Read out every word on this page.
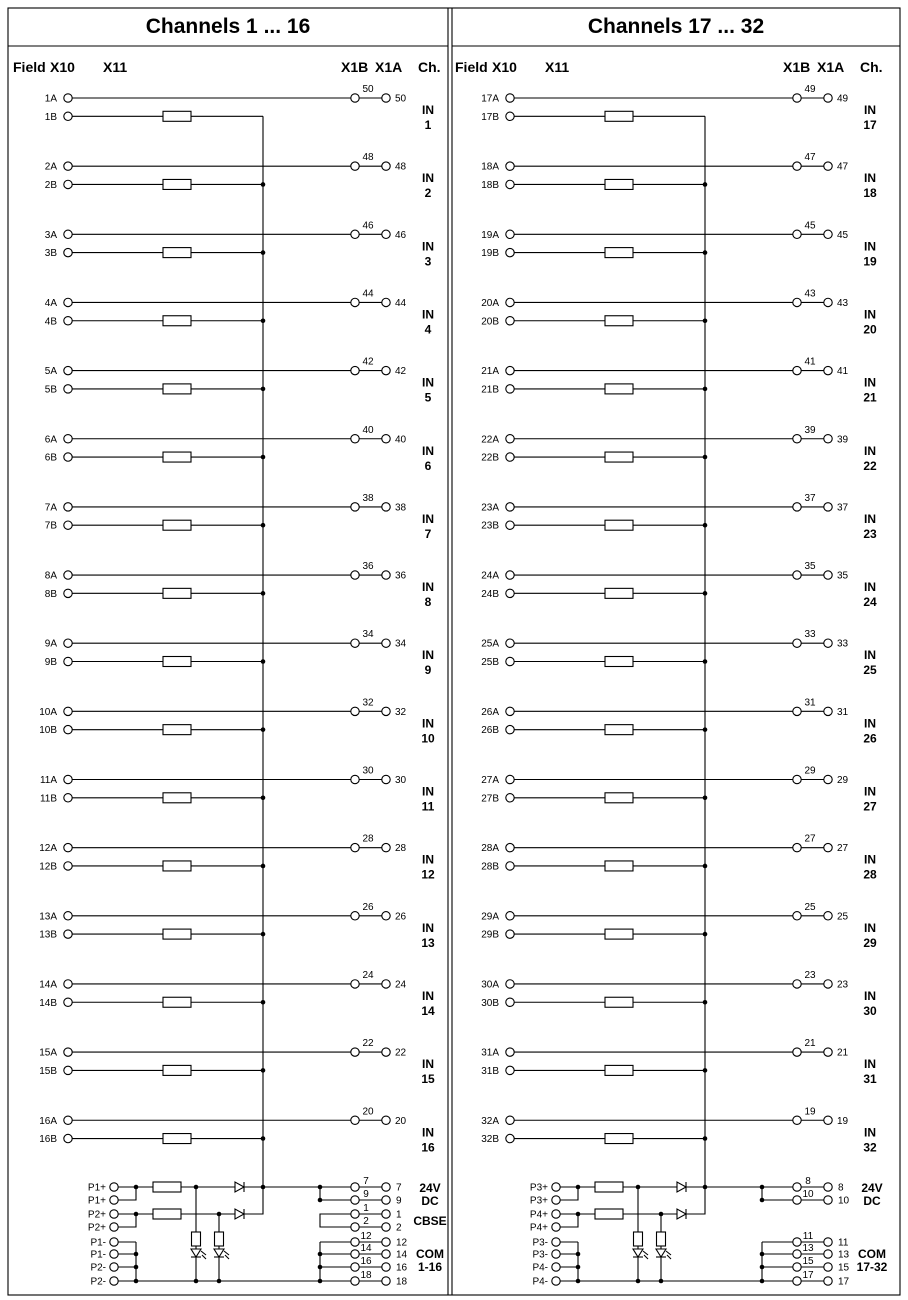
Channels 1 ... 16
Field X10 X11	X1B X1A Ch.
1A
50
50
1B
IN
1
2A
48
48
2B
IN
2
3A
46
46
3B
IN
3
4A
44
44
4B
IN
4
5A
42
42
5B
IN
5
6A
40
40
6B
IN
6
7A
38
38
7B
IN
7
8A
36
36
8B
IN
8
9A
34
34
9B
IN
9
10A
32
32
10B
IN
10
11A
30
30
11B
IN
11
12A
28
28
12B
IN
12
13A
26
26
13B
IN
13
14A
24
24
14B
IN
14
15A
22
22
15B
IN
15
16A
20
20
16B
IN
16
P1+
P1+
P2+
P2+
P1-
P1-
P2-
P2-
7
7
9
9
1
1
2
2
12
12
14
14
16
16
18
18
24V
DC
CBSE
COM
1-16
Channels 17 ... 32
Field X10 X11	X1B X1A Ch.
17A
49
49
17B
IN
17
18A
47
47
18B
IN
18
19A
45
45
19B
IN
19
20A
43
43
20B
IN
20
21A
41
41
21B
IN
21
22A
39
39
22B
IN
22
23A
37
37
23B
IN
23
24A
35
35
24B
IN
24
25A
33
33
25B
IN
25
26A
31
31
26B
IN
26
27A
29
29
27B
IN
27
28A
27
27
28B
IN
28
29A
25
25
29B
IN
29
30A
23
23
30B
IN
30
31A
21
21
31B
IN
31
32A
19
19
32B
IN
32
P3+
P3+
P4+
P4+
P3-
P3-
P4-
P4-
8
8
10
10
11
11
13
13
15
15
17
17
24V
DC
COM
17-32
